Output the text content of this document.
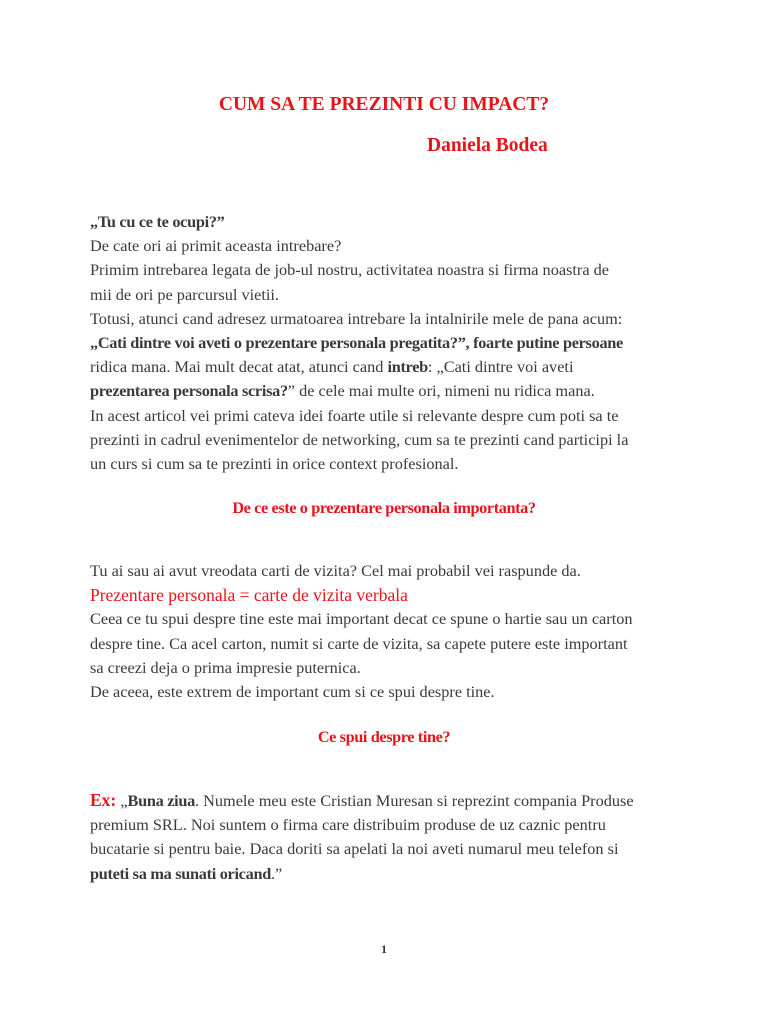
CUM SA TE PREZINTI CU IMPACT?

Daniela Bodea

„Tu cu ce te ocupi?”
De cate ori ai primit aceasta intrebare?
Primim intrebarea legata de job-ul nostru, activitatea noastra si firma noastra de
mii de ori pe parcursul vietii.
Totusi, atunci cand adresez urmatoarea intrebare la intalnirile mele de pana acum:
„Cati dintre voi aveti o prezentare personala pregatita?”, foarte putine persoane
ridica mana. Mai mult decat atat, atunci cand intreb: „Cati dintre voi aveti
prezentarea personala scrisa?” de cele mai multe ori, nimeni nu ridica mana.
In acest articol vei primi cateva idei foarte utile si relevante despre cum poti sa te
prezinti in cadrul evenimentelor de networking, cum sa te prezinti cand participi la
un curs si cum sa te prezinti in orice context profesional.
De ce este o prezentare personala importanta?
Tu ai sau ai avut vreodata carti de vizita? Cel mai probabil vei raspunde da.
Prezentare personala = carte de vizita verbala
Ceea ce tu spui despre tine este mai important decat ce spune o hartie sau un carton
despre tine. Ca acel carton, numit si carte de vizita, sa capete putere este important
sa creezi deja o prima impresie puternica.
De aceea, este extrem de important cum si ce spui despre tine.
Ce spui despre tine?
Ex: „Buna ziua. Numele meu este Cristian Muresan si reprezint compania Produse
premium SRL. Noi suntem o firma care distribuim produse de uz caznic pentru
bucatarie si pentru baie. Daca doriti sa apelati la noi aveti numarul meu telefon si
puteti sa ma sunati oricand.”
1
